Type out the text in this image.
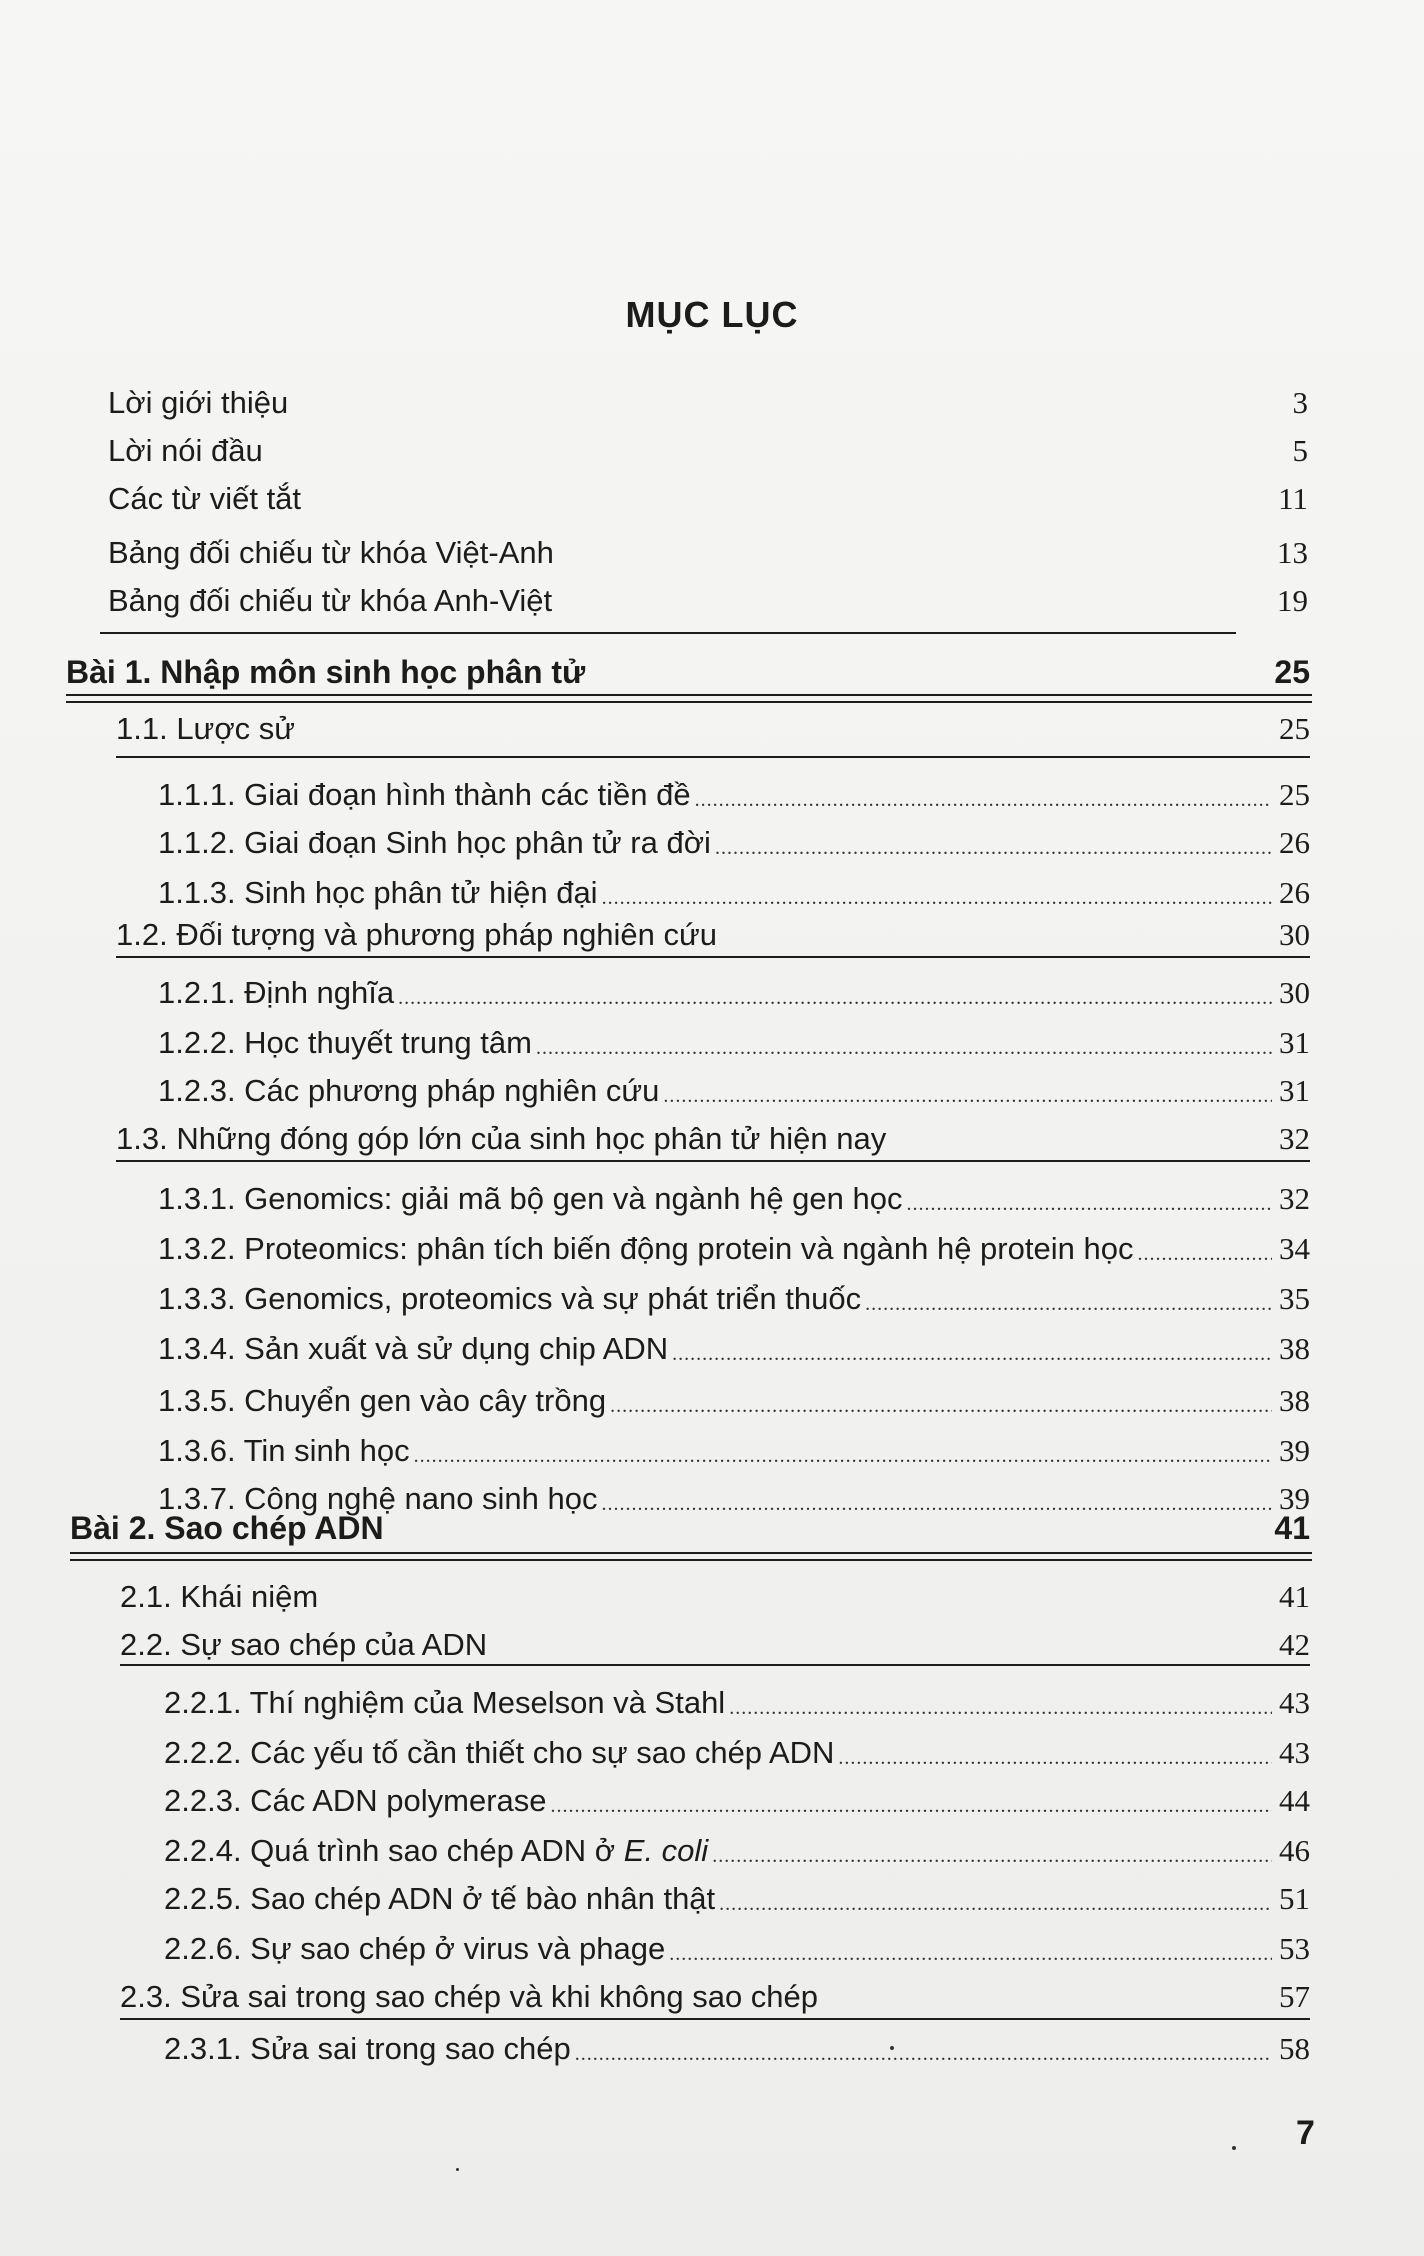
MỤC LỤC
Lời giới thiệu	3
Lời nói đầu	5
Các từ viết tắt	11
Bảng đối chiếu từ khóa Việt-Anh	13
Bảng đối chiếu từ khóa Anh-Việt	19
Bài 1. Nhập môn sinh học phân tử	25
1.1. Lược sử	25
1.1.1. Giai đoạn hình thành các tiền đề .....	25
1.1.2. Giai đoạn Sinh học phân tử ra đời .....	26
1.1.3. Sinh học phân tử hiện đại .....	26
1.2. Đối tượng và phương pháp nghiên cứu	30
1.2.1. Định nghĩa .....	30
1.2.2. Học thuyết trung tâm .....	31
1.2.3. Các phương pháp nghiên cứu .....	31
1.3. Những đóng góp lớn của sinh học phân tử hiện nay	32
1.3.1. Genomics: giải mã bộ gen và ngành hệ gen học .....	32
1.3.2. Proteomics: phân tích biến động protein và ngành hệ protein học .....	34
1.3.3. Genomics, proteomics và sự phát triển thuốc .....	35
1.3.4. Sản xuất và sử dụng chip ADN .....	38
1.3.5. Chuyển gen vào cây trồng .....	38
1.3.6. Tin sinh học .....	39
1.3.7. Công nghệ nano sinh học .....	39
Bài 2. Sao chép ADN	41
2.1. Khái niệm	41
2.2. Sự sao chép của ADN	42
2.2.1. Thí nghiệm của Meselson và Stahl .....	43
2.2.2. Các yếu tố cần thiết cho sự sao chép ADN .....	43
2.2.3. Các ADN polymerase .....	44
2.2.4. Quá trình sao chép ADN ở E. coli .....	46
2.2.5. Sao chép ADN ở tế bào nhân thật .....	51
2.2.6. Sự sao chép ở virus và phage .....	53
2.3. Sửa sai trong sao chép và khi không sao chép	57
2.3.1. Sửa sai trong sao chép .....	58
7
